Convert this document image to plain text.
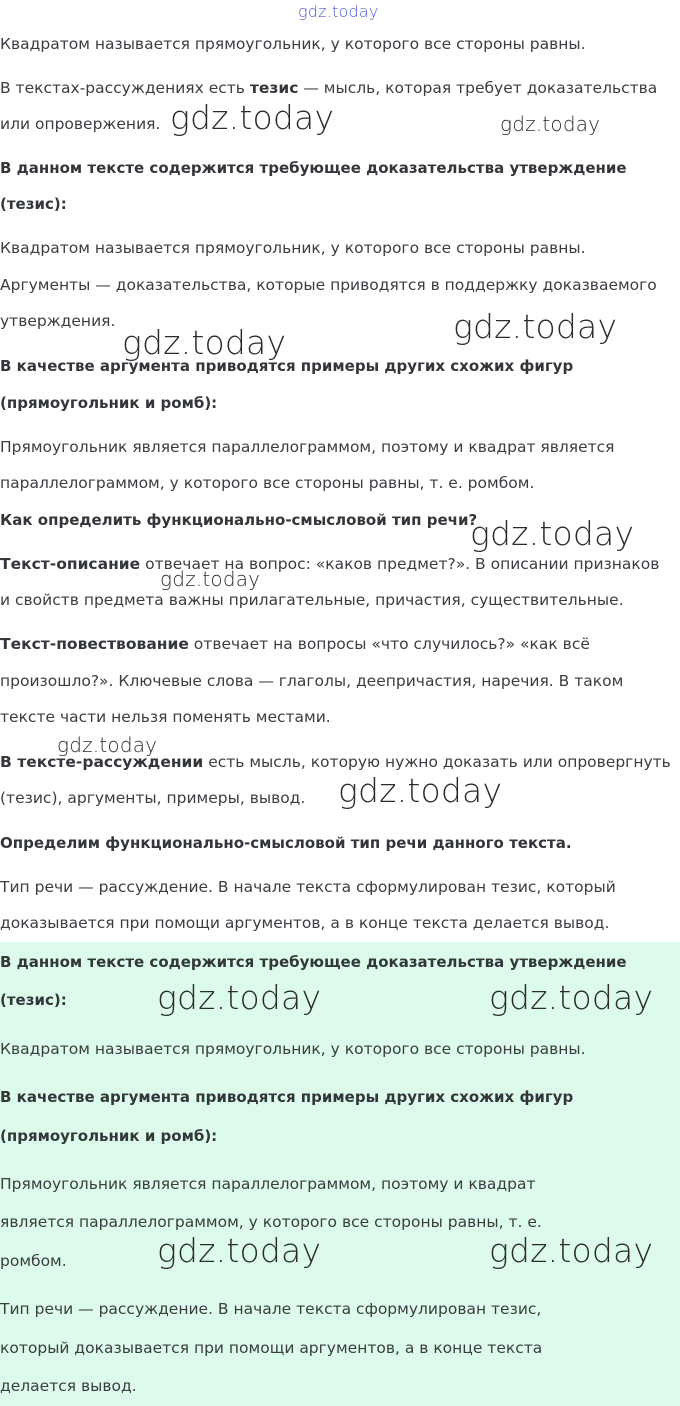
Квадратом называется прямоугольник, у которого все стороны равны.

В текстах-рассуждениях есть тезис — мысль, которая требует доказательства

или опровержения.

В данном тексте содержится требующее доказательства утверждение

(тезис):

Квадратом называется прямоугольник, у которого все стороны равны.

Аргументы — доказательства, которые приводятся в поддержку доказваемого

утверждения.

В качестве аргумента приводятся примеры других схожих фигур

(прямоугольник и ромб):

Прямоугольник является параллелограммом, поэтому и квадрат является

параллелограммом, у которого все стороны равны, т. е. ромбом.

Как определить функционально-смысловой тип речи?

Текст-описание отвечает на вопрос: «каков предмет?». В описании признаков

и свойств предмета важны прилагательные, причастия, существительные.

Текст-повествование отвечает на вопросы «что случилось?» «как всё

произошло?». Ключевые слова — глаголы, деепричастия, наречия. В таком

тексте части нельзя поменять местами.

В тексте-рассуждении есть мысль, которую нужно доказать или опровергнуть

(тезис), аргументы, примеры, вывод.

Определим функционально-смысловой тип речи данного текста.

Тип речи — рассуждение. В начале текста сформулирован тезис, который

доказывается при помощи аргументов, а в конце текста делается вывод.

В данном тексте содержится требующее доказательства утверждение

(тезис):

Квадратом называется прямоугольник, у которого все стороны равны.

В качестве аргумента приводятся примеры других схожих фигур

(прямоугольник и ромб):

Прямоугольник является параллелограммом, поэтому и квадрат

является параллелограммом, у которого все стороны равны, т. е.

ромбом.

Тип речи — рассуждение. В начале текста сформулирован тезис,

который доказывается при помощи аргументов, а в конце текста

делается вывод.

gdz.today
gdz.today	gdz.today
gdz.today
gdz.today
gdz.today
gdz.today
gdz.today
gdz.today
gdz.today	gdz.today
gdz.today	gdz.today
